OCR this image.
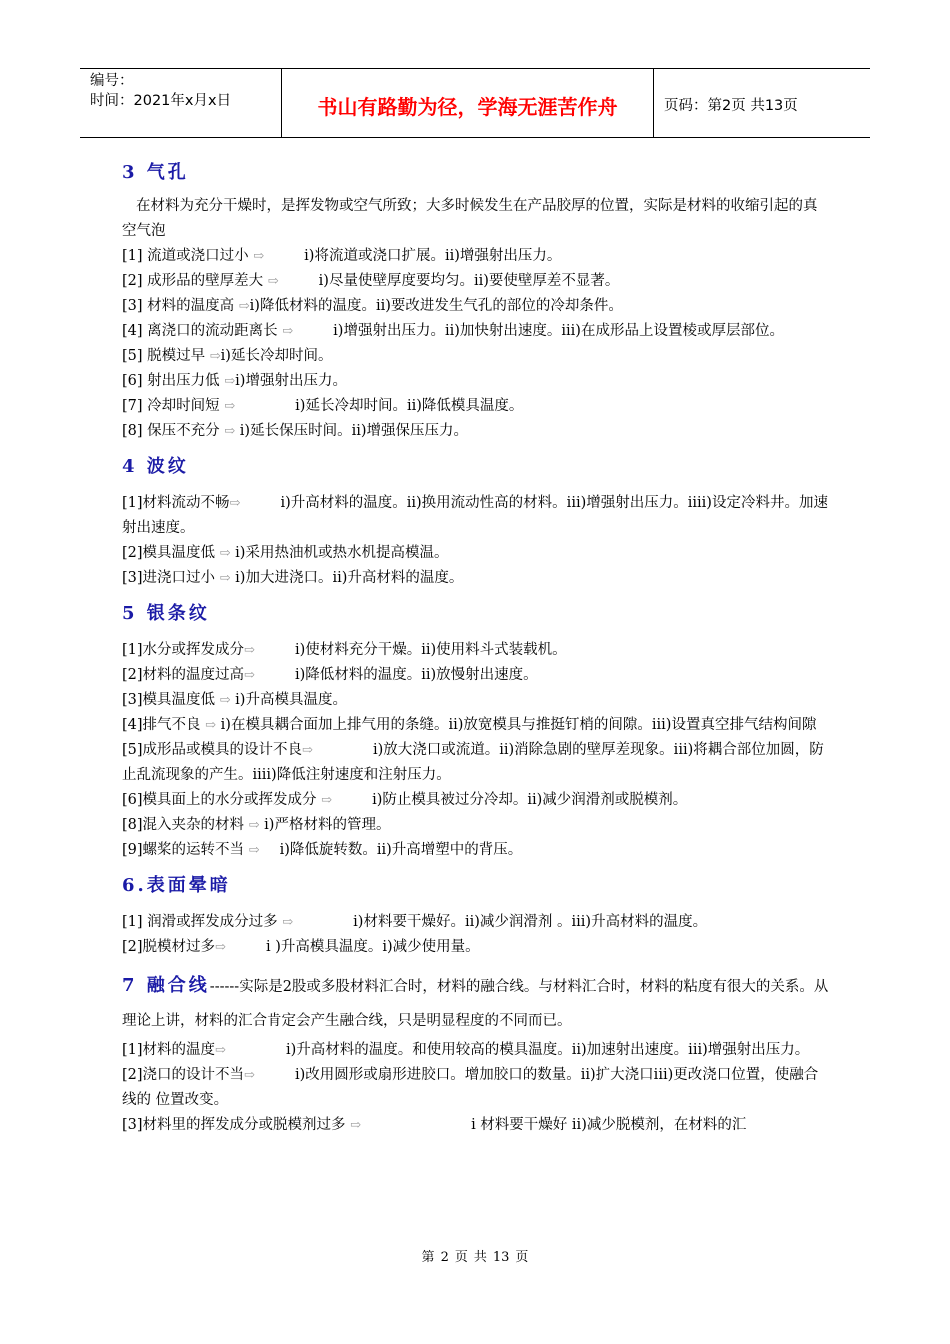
编号：
时间：2021年x月x日	书山有路勤为径，学海无涯苦作舟	页码：第2页 共13页
3 气孔
在材料为充分干燥时，是挥发物或空气所致；大多时候发生在产品胶厚的位置，实际是材料的收缩引起的真空气泡
[1] 流道或浇口过小 ⇨	i)将流道或浇口扩展。ii)增强射出压力。
[2] 成形品的壁厚差大 ⇨	i)尽量使壁厚度要均匀。ii)要使壁厚差不显著。
[3] 材料的温度高 ⇨i)降低材料的温度。ii)要改进发生气孔的部位的冷却条件。
[4] 离浇口的流动距离长 ⇨	i)增强射出压力。ii)加快射出速度。iii)在成形品上设置棱或厚层部位。
[5] 脱模过早 ⇨i)延长冷却时间。
[6] 射出压力低 ⇨i)增强射出压力。
[7] 冷却时间短 ⇨	i)延长冷却时间。ii)降低模具温度。
[8] 保压不充分 ⇨ i)延长保压时间。ii)增强保压压力。
4 波纹
[1]材料流动不畅⇨	i)升高材料的温度。ii)换用流动性高的材料。iii)增强射出压力。iiii)设定冷料井。加速射出速度。
[2]模具温度低 ⇨ i)采用热油机或热水机提高模温。
[3]进浇口过小 ⇨ i)加大进浇口。ii)升高材料的温度。
5 银条纹
[1]水分或挥发成分⇨	i)使材料充分干燥。ii)使用料斗式装载机。
[2]材料的温度过高⇨	i)降低材料的温度。ii)放慢射出速度。
[3]模具温度低 ⇨ i)升高模具温度。
[4]排气不良 ⇨ i)在模具耦合面加上排气用的条缝。ii)放宽模具与推挺钉梢的间隙。iii)设置真空排气结构间隙
[5]成形品或模具的设计不良⇨	i)放大浇口或流道。ii)消除急剧的壁厚差现象。iii)将耦合部位加圆，防止乱流现象的产生。iiii)降低注射速度和注射压力。
[6]模具面上的水分或挥发成分 ⇨	i)防止模具被过分冷却。ii)减少润滑剂或脱模剂。
[8]混入夹杂的材料 ⇨ i)严格材料的管理。
[9]螺桨的运转不当 ⇨ i)降低旋转数。ii)升高增塑中的背压。
6.表面晕暗
[1] 润滑或挥发成分过多 ⇨	i)材料要干燥好。ii)减少润滑剂 。iii)升高材料的温度。
[2]脱模材过多⇨	i )升高模具温度。i)减少使用量。
7 融合线------实际是2股或多股材料汇合时，材料的融合线。与材料汇合时，材料的粘度有很大的关系。从理论上讲，材料的汇合肯定会产生融合线，只是明显程度的不同而已。
[1]材料的温度⇨	i)升高材料的温度。和使用较高的模具温度。ii)加速射出速度。iii)增强射出压力。
[2]浇口的设计不当⇨	i)改用圆形或扇形进胶口。增加胶口的数量。ii)扩大浇口iii)更改浇口位置，使融合线的 位置改变。
[3]材料里的挥发成分或脱模剂过多 ⇨	i 材料要干燥好 ii)减少脱模剂，在材料的汇
第 2 页 共 13 页
